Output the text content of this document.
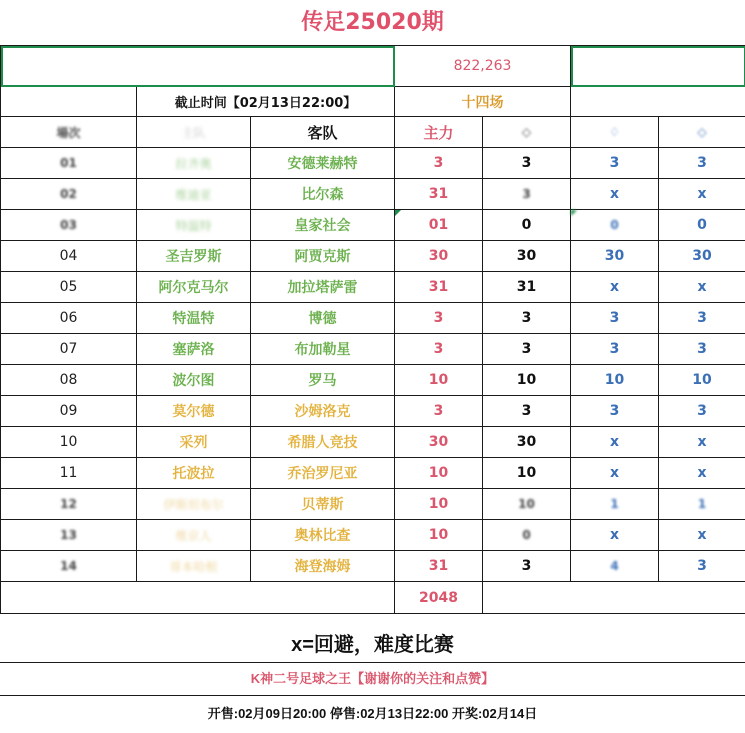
传足25020期
			822,263			
	截止时间【02月13日22:00】		十四场			
場次	主队	客队	主力	◇	♢	◇
01	拉齐奥	安德莱赫特	3	3	3	3
02	维迪亚	比尔森	31	3	x	x
03	特温特	皇家社会	01	0	0	0
04	圣吉罗斯	阿贾克斯	30	30	30	30
05	阿尔克马尔	加拉塔萨雷	31	31	x	x
06	特温特	博德	3	3	3	3
07	塞萨洛	布加勒星	3	3	3	3
08	波尔图	罗马	10	10	10	10
09	莫尔德	沙姆洛克	3	3	3	3
10	采列	希腊人竞技	30	30	x	x
11	托波拉	乔治罗尼亚	10	10	x	x
12	伊斯坦布尔	贝蒂斯	10	10	1	1
13	维京人	奥林比查	10	0	x	x
14	哥本哈根	海登海姆	31	3	4	3
			2048			
x=回避，难度比赛
K神二号足球之王【谢谢你的关注和点赞】
开售:02月09日20:00 停售:02月13日22:00 开奖:02月14日
